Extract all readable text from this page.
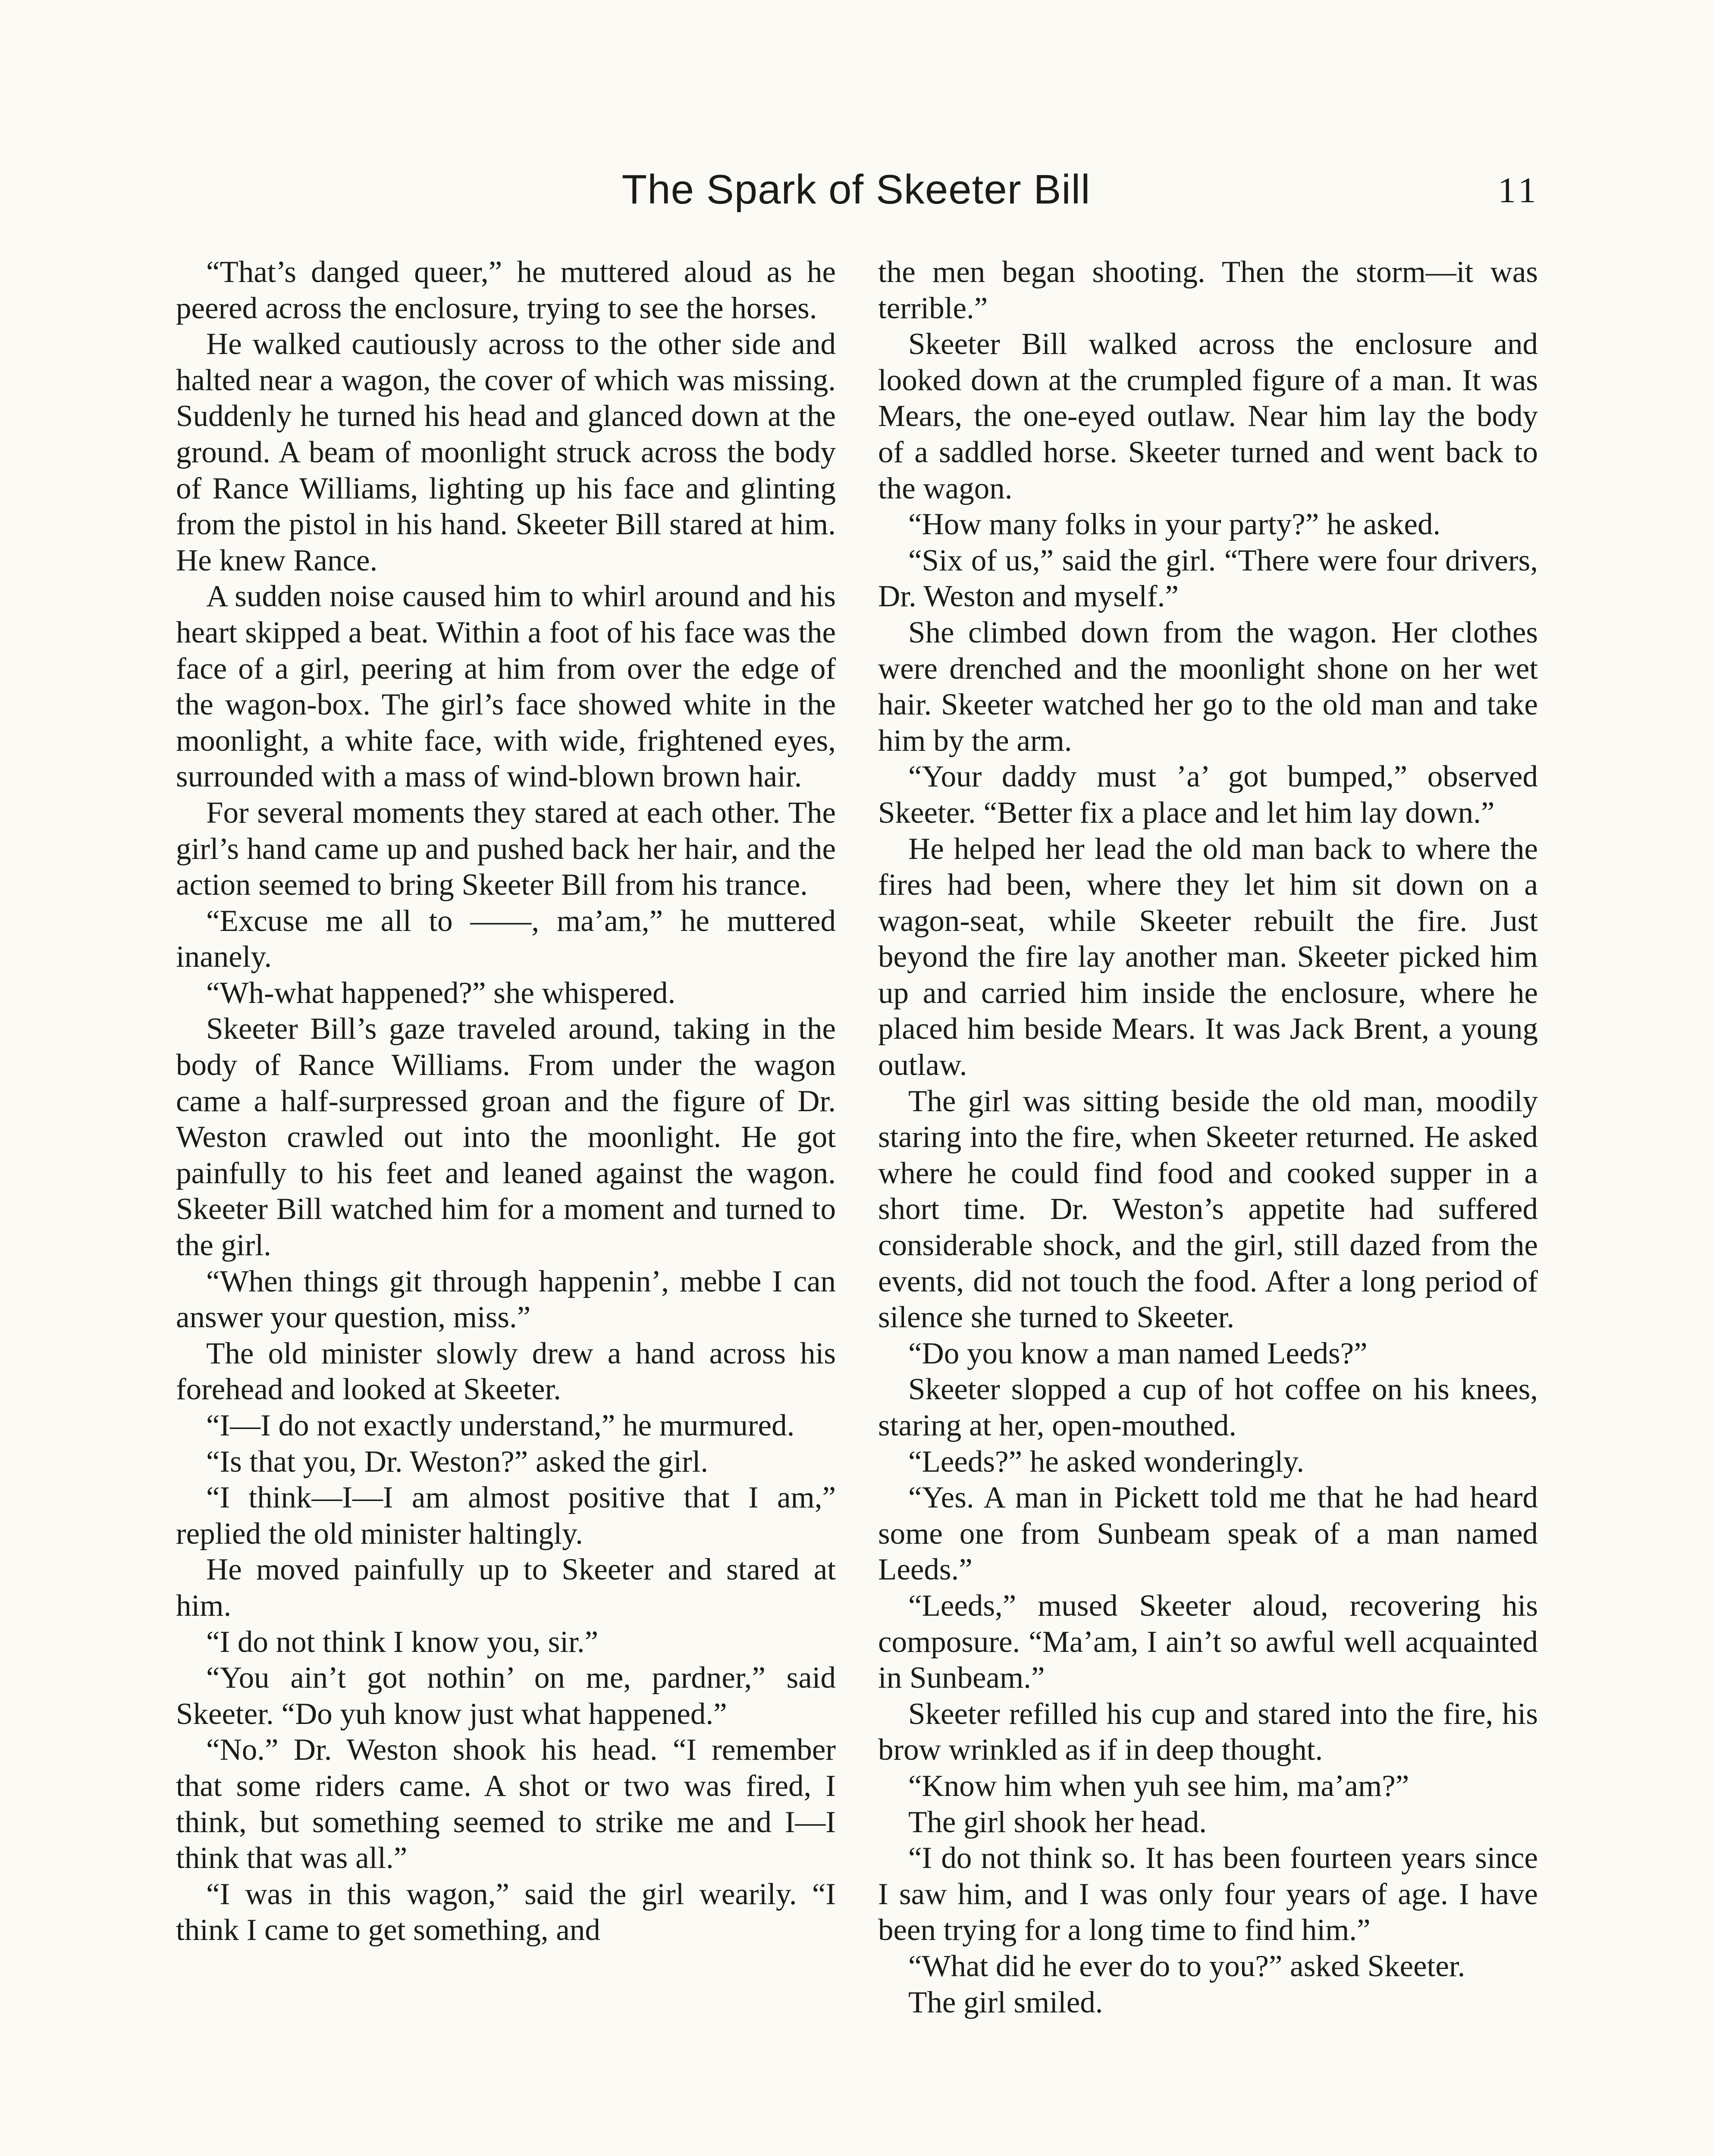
The Spark of Skeeter Bill	11

“That’s danged queer,” he muttered aloud as he peered across the enclosure, trying to see the horses.

He walked cautiously across to the other side and halted near a wagon, the cover of which was missing. Suddenly he turned his head and glanced down at the ground. A beam of moonlight struck across the body of Rance Williams, lighting up his face and glinting from the pistol in his hand. Skeeter Bill stared at him. He knew Rance.

A sudden noise caused him to whirl around and his heart skipped a beat. Within a foot of his face was the face of a girl, peering at him from over the edge of the wagon-box. The girl’s face showed white in the moonlight, a white face, with wide, frightened eyes, surrounded with a mass of wind-blown brown hair.

For several moments they stared at each other. The girl’s hand came up and pushed back her hair, and the action seemed to bring Skeeter Bill from his trance.

“Excuse me all to ——, ma’am,” he muttered inanely.

“Wh-what happened?” she whispered.

Skeeter Bill’s gaze traveled around, taking in the body of Rance Williams. From under the wagon came a half-surpressed groan and the figure of Dr. Weston crawled out into the moonlight. He got painfully to his feet and leaned against the wagon. Skeeter Bill watched him for a moment and turned to the girl.

“When things git through happenin’, mebbe I can answer your question, miss.”

The old minister slowly drew a hand across his forehead and looked at Skeeter.

“I—I do not exactly understand,” he murmured.

“Is that you, Dr. Weston?” asked the girl.

“I think—I—I am almost positive that I am,” replied the old minister haltingly.

He moved painfully up to Skeeter and stared at him.

“I do not think I know you, sir.”

“You ain’t got nothin’ on me, pardner,” said Skeeter. “Do yuh know just what happened.”

“No.” Dr. Weston shook his head. “I remember that some riders came. A shot or two was fired, I think, but something seemed to strike me and I—I think that was all.”

“I was in this wagon,” said the girl wearily. “I think I came to get something, and

the men began shooting. Then the storm—it was terrible.”

Skeeter Bill walked across the enclosure and looked down at the crumpled figure of a man. It was Mears, the one-eyed outlaw. Near him lay the body of a saddled horse. Skeeter turned and went back to the wagon.

“How many folks in your party?” he asked.

“Six of us,” said the girl. “There were four drivers, Dr. Weston and myself.”

She climbed down from the wagon. Her clothes were drenched and the moonlight shone on her wet hair. Skeeter watched her go to the old man and take him by the arm.

“Your daddy must ’a’ got bumped,” observed Skeeter. “Better fix a place and let him lay down.”

He helped her lead the old man back to where the fires had been, where they let him sit down on a wagon-seat, while Skeeter rebuilt the fire. Just beyond the fire lay another man. Skeeter picked him up and carried him inside the enclosure, where he placed him beside Mears. It was Jack Brent, a young outlaw.

The girl was sitting beside the old man, moodily staring into the fire, when Skeeter returned. He asked where he could find food and cooked supper in a short time. Dr. Weston’s appetite had suffered considerable shock, and the girl, still dazed from the events, did not touch the food. After a long period of silence she turned to Skeeter.

“Do you know a man named Leeds?”

Skeeter slopped a cup of hot coffee on his knees, staring at her, open-mouthed.

“Leeds?” he asked wonderingly.

“Yes. A man in Pickett told me that he had heard some one from Sunbeam speak of a man named Leeds.”

“Leeds,” mused Skeeter aloud, recovering his composure. “Ma’am, I ain’t so awful well acquainted in Sunbeam.”

Skeeter refilled his cup and stared into the fire, his brow wrinkled as if in deep thought.

“Know him when yuh see him, ma’am?”

The girl shook her head.

“I do not think so. It has been fourteen years since I saw him, and I was only four years of age. I have been trying for a long time to find him.”

“What did he ever do to you?” asked Skeeter.

The girl smiled.
